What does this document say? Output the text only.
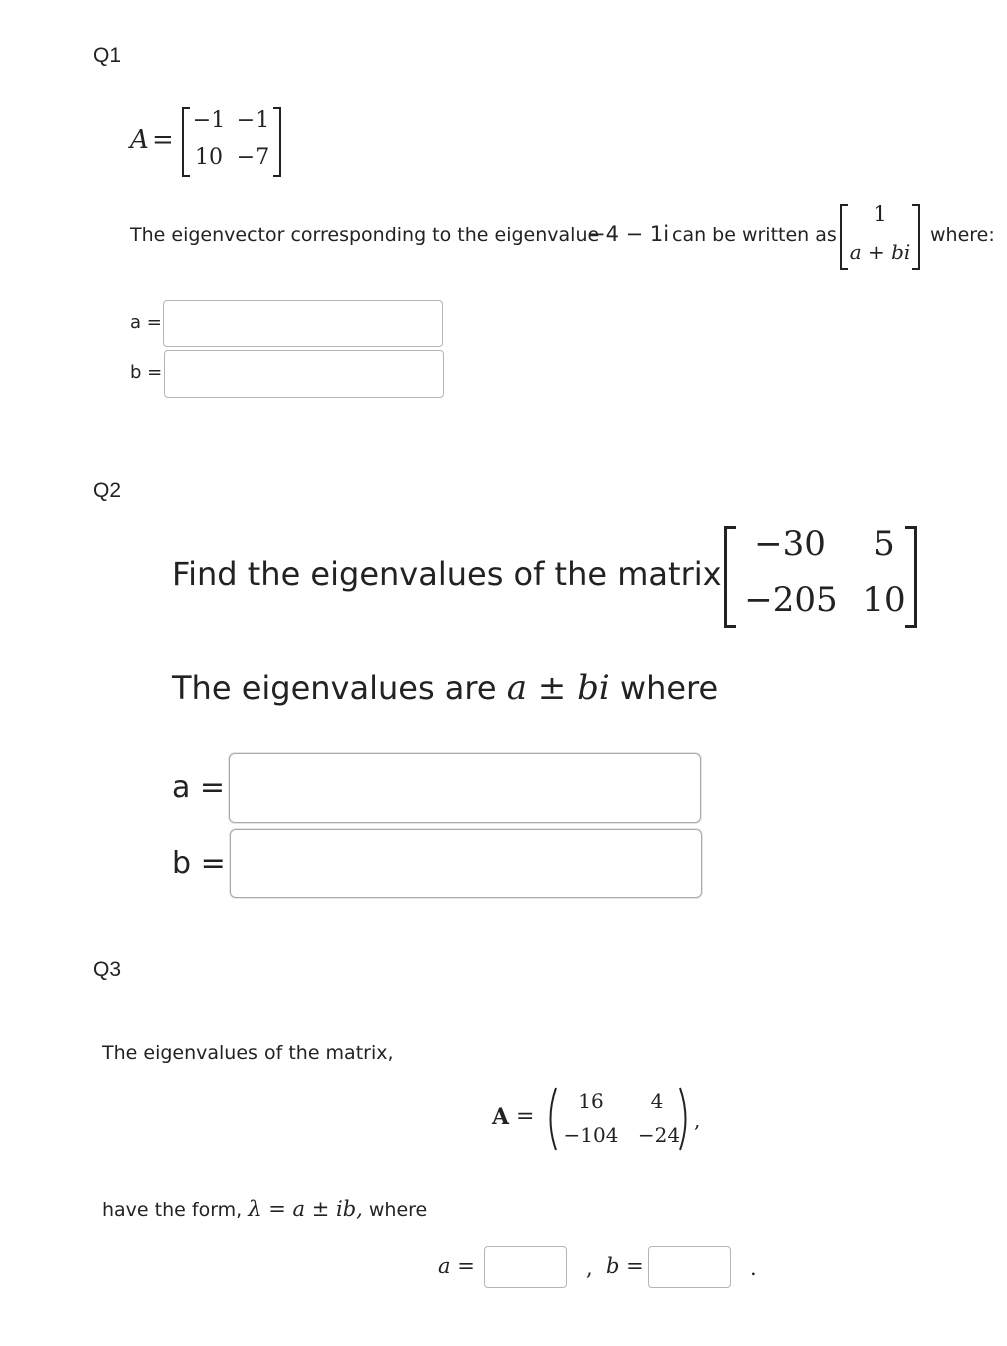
Q1
A =
−1 −1
10 −7
The eigenvector corresponding to the eigenvalue
−4 − 1i can be written as
1
a + bi
where:
a =
b =
Q2
Find the eigenvalues of the matrix
−30	5
−205 10
The eigenvalues are a ± bi where
a =
b =
Q3
The eigenvalues of the matrix,
A =
16	4
−104 −24
,
have the form, λ = a ± ib, where
a =	, b =	.
